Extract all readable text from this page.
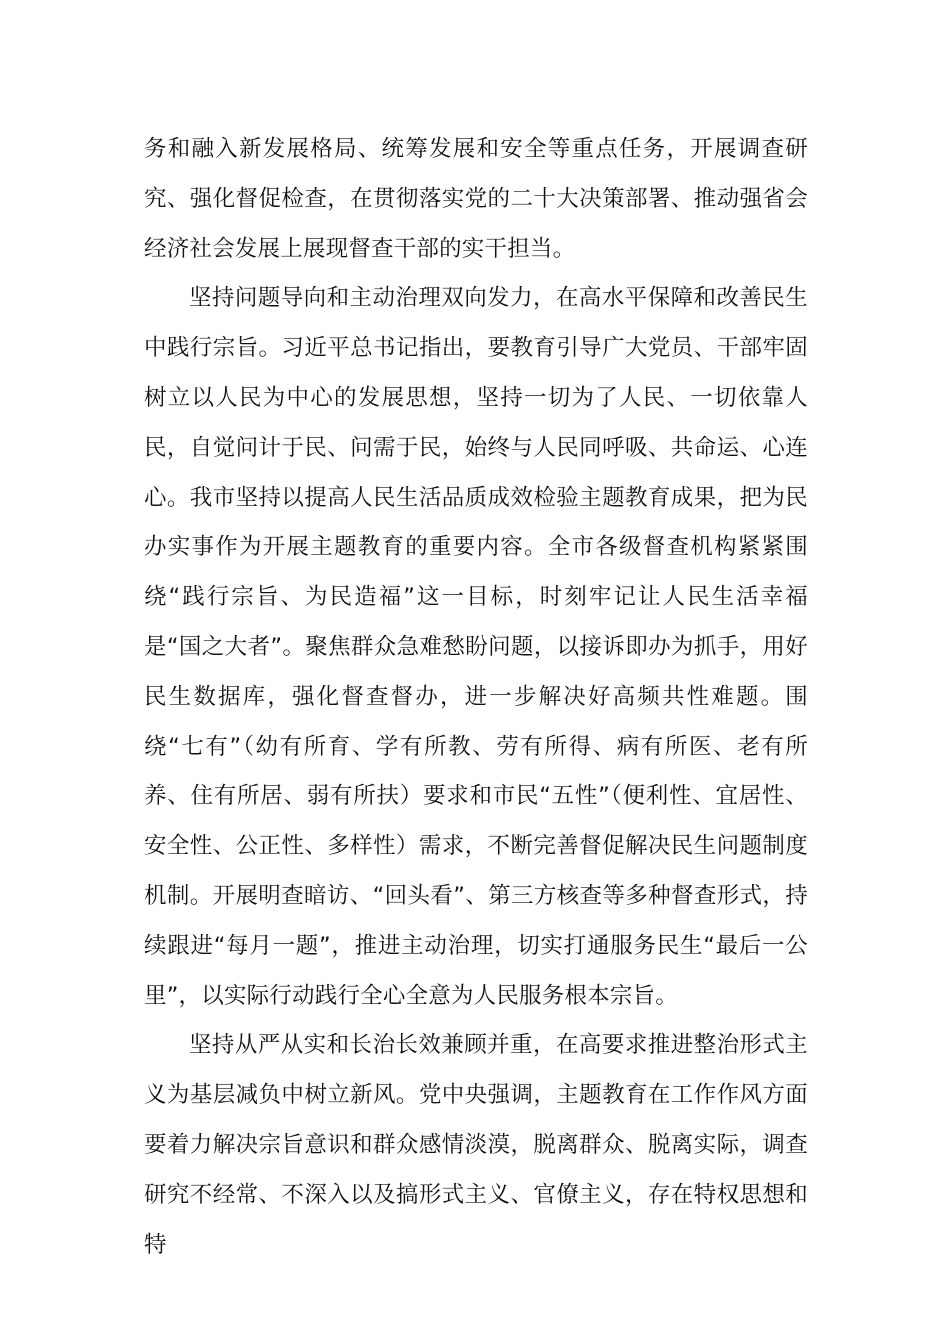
务和融入新发展格局、统筹发展和安全等重点任务，开展调查研究、强化督促检查，在贯彻落实党的二十大决策部署、推动强省会经济社会发展上展现督查干部的实干担当。

坚持问题导向和主动治理双向发力，在高水平保障和改善民生中践行宗旨。习近平总书记指出，要教育引导广大党员、干部牢固树立以人民为中心的发展思想，坚持一切为了人民、一切依靠人民，自觉问计于民、问需于民，始终与人民同呼吸、共命运、心连心。我市坚持以提高人民生活品质成效检验主题教育成果，把为民办实事作为开展主题教育的重要内容。全市各级督查机构紧紧围绕“践行宗旨、为民造福”这一目标，时刻牢记让人民生活幸福是“国之大者”。聚焦群众急难愁盼问题，以接诉即办为抓手，用好民生数据库，强化督查督办，进一步解决好高频共性难题。围绕“七有”（幼有所育、学有所教、劳有所得、病有所医、老有所养、住有所居、弱有所扶）要求和市民“五性”（便利性、宜居性、安全性、公正性、多样性）需求，不断完善督促解决民生问题制度机制。开展明查暗访、“回头看”、第三方核查等多种督查形式，持续跟进“每月一题”，推进主动治理，切实打通服务民生“最后一公里”，以实际行动践行全心全意为人民服务根本宗旨。

坚持从严从实和长治长效兼顾并重，在高要求推进整治形式主义为基层减负中树立新风。党中央强调，主题教育在工作作风方面要着力解决宗旨意识和群众感情淡漠，脱离群众、脱离实际，调查研究不经常、不深入以及搞形式主义、官僚主义，存在特权思想和特
